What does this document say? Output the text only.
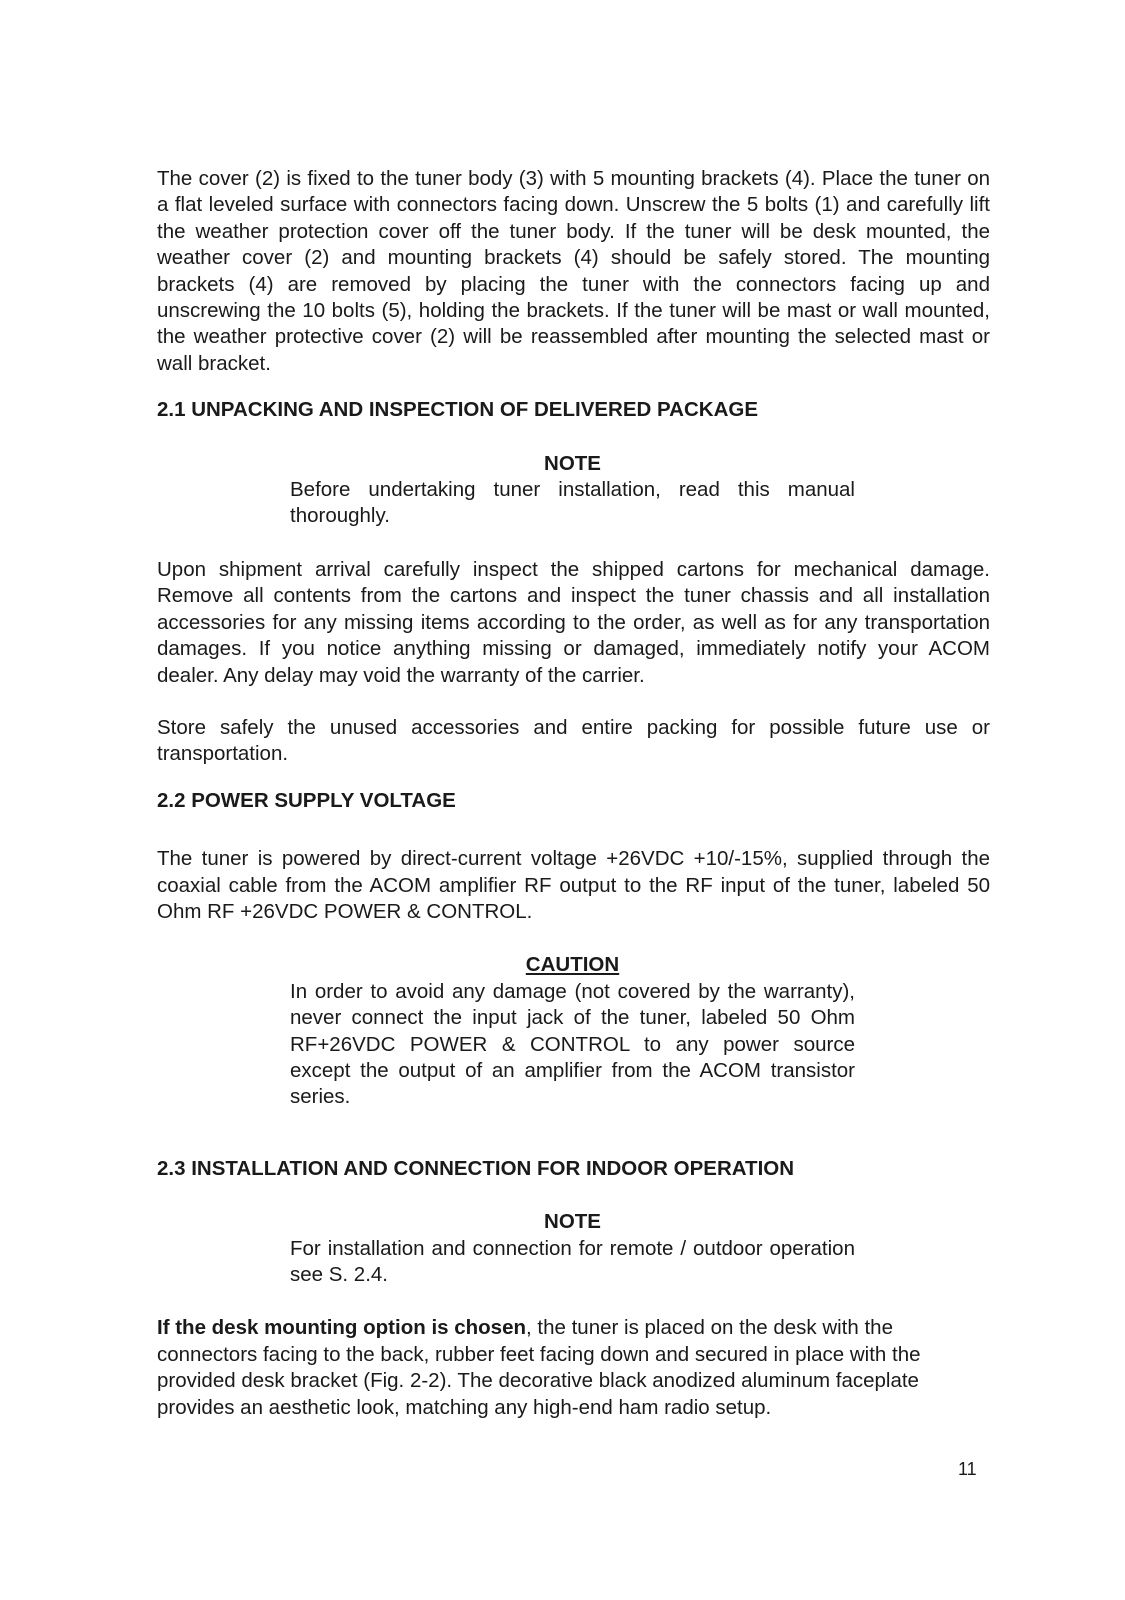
The cover (2) is fixed to the tuner body (3) with 5 mounting brackets (4). Place the tuner on a flat leveled surface with connectors facing down. Unscrew the 5 bolts (1) and carefully lift the weather protection cover off the tuner body. If the tuner will be desk mounted, the weather cover (2) and mounting brackets (4) should be safely stored. The mounting brackets (4) are removed by placing the tuner with the connectors facing up and unscrewing the 10 bolts (5), holding the brackets. If the tuner will be mast or wall mounted, the weather protective cover (2) will be reassembled after mounting the selected mast or wall bracket.

2.1 UNPACKING AND INSPECTION OF DELIVERED PACKAGE

NOTE

Before undertaking tuner installation, read this manual thoroughly.

Upon shipment arrival carefully inspect the shipped cartons for mechanical damage. Remove all contents from the cartons and inspect the tuner chassis and all installation accessories for any missing items according to the order, as well as for any transportation damages. If you notice anything missing or damaged, immediately notify your ACOM dealer. Any delay may void the warranty of the carrier.

Store safely the unused accessories and entire packing for possible future use or transportation.

2.2 POWER SUPPLY VOLTAGE

The tuner is powered by direct-current voltage +26VDC +10/-15%, supplied through the coaxial cable from the ACOM amplifier RF output to the RF input of the tuner, labeled 50 Ohm RF +26VDC POWER & CONTROL.

CAUTION

In order to avoid any damage (not covered by the warranty), never connect the input jack of the tuner, labeled 50 Ohm RF+26VDC POWER & CONTROL to any power source except the output of an amplifier from the ACOM transistor series.

2.3 INSTALLATION AND CONNECTION FOR INDOOR OPERATION

NOTE

For installation and connection for remote / outdoor operation see S. 2.4.

If the desk mounting option is chosen, the tuner is placed on the desk with the connectors facing to the back, rubber feet facing down and secured in place with the provided desk bracket (Fig. 2-2). The decorative black anodized aluminum faceplate provides an aesthetic look, matching any high-end ham radio setup.

11
